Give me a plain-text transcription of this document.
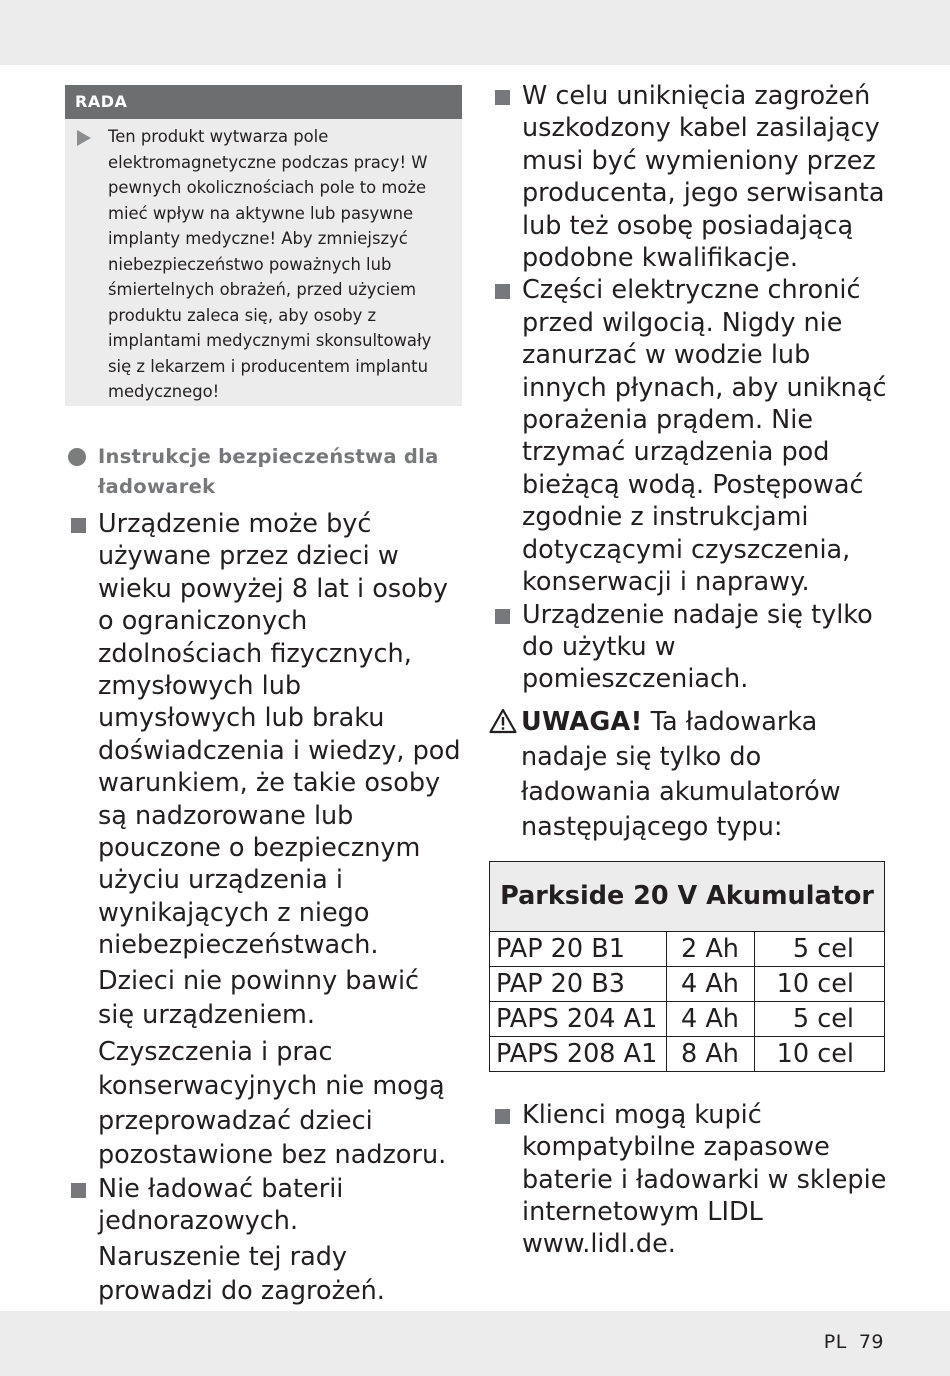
RADA
Ten produkt wytwarza pole elektromagnetyczne podczas pracy! W pewnych okolicznościach pole to może mieć wpływ na aktywne lub pasywne implanty medyczne! Aby zmniejszyć niebezpieczeństwo poważnych lub śmiertelnych obrażeń, przed użyciem produktu zaleca się, aby osoby z implantami medycznymi skonsultowały się z lekarzem i producentem implantu medycznego!
Instrukcje bezpieczeństwa dla ładowarek
Urządzenie może być używane przez dzieci w wieku powyżej 8 lat i osoby o ograniczonych zdolnościach fizycznych, zmysłowych lub umysłowych lub braku doświadczenia i wiedzy, pod warunkiem, że takie osoby są nadzorowane lub pouczone o bezpiecznym użyciu urządzenia i wynikających z niego niebezpieczeństwach.
Dzieci nie powinny bawić się urządzeniem.
Czyszczenia i prac konserwacyjnych nie mogą przeprowadzać dzieci pozostawione bez nadzoru.
Nie ładować baterii jednorazowych.
Naruszenie tej rady prowadzi do zagrożeń.
W celu uniknięcia zagrożeń uszkodzony kabel zasilający musi być wymieniony przez producenta, jego serwisanta lub też osobę posiadającą podobne kwalifikacje.
Części elektryczne chronić przed wilgocią. Nigdy nie zanurzać w wodzie lub innych płynach, aby uniknąć porażenia prądem. Nie trzymać urządzenia pod bieżącą wodą. Postępować zgodnie z instrukcjami dotyczącymi czyszczenia, konserwacji i naprawy.
Urządzenie nadaje się tylko do użytku w pomieszczeniach.
UWAGA! Ta ładowarka nadaje się tylko do ładowania akumulatorów następującego typu:
Parkside 20 V Akumulator		
PAP 20 B1	2 Ah	5 cel
PAP 20 B3	4 Ah	10 cel
PAPS 204 A1	4 Ah	5 cel
PAPS 208 A1	8 Ah	10 cel
Klienci mogą kupić kompatybilne zapasowe baterie i ładowarki w sklepie internetowym LIDL www.lidl.de.
PL 79
